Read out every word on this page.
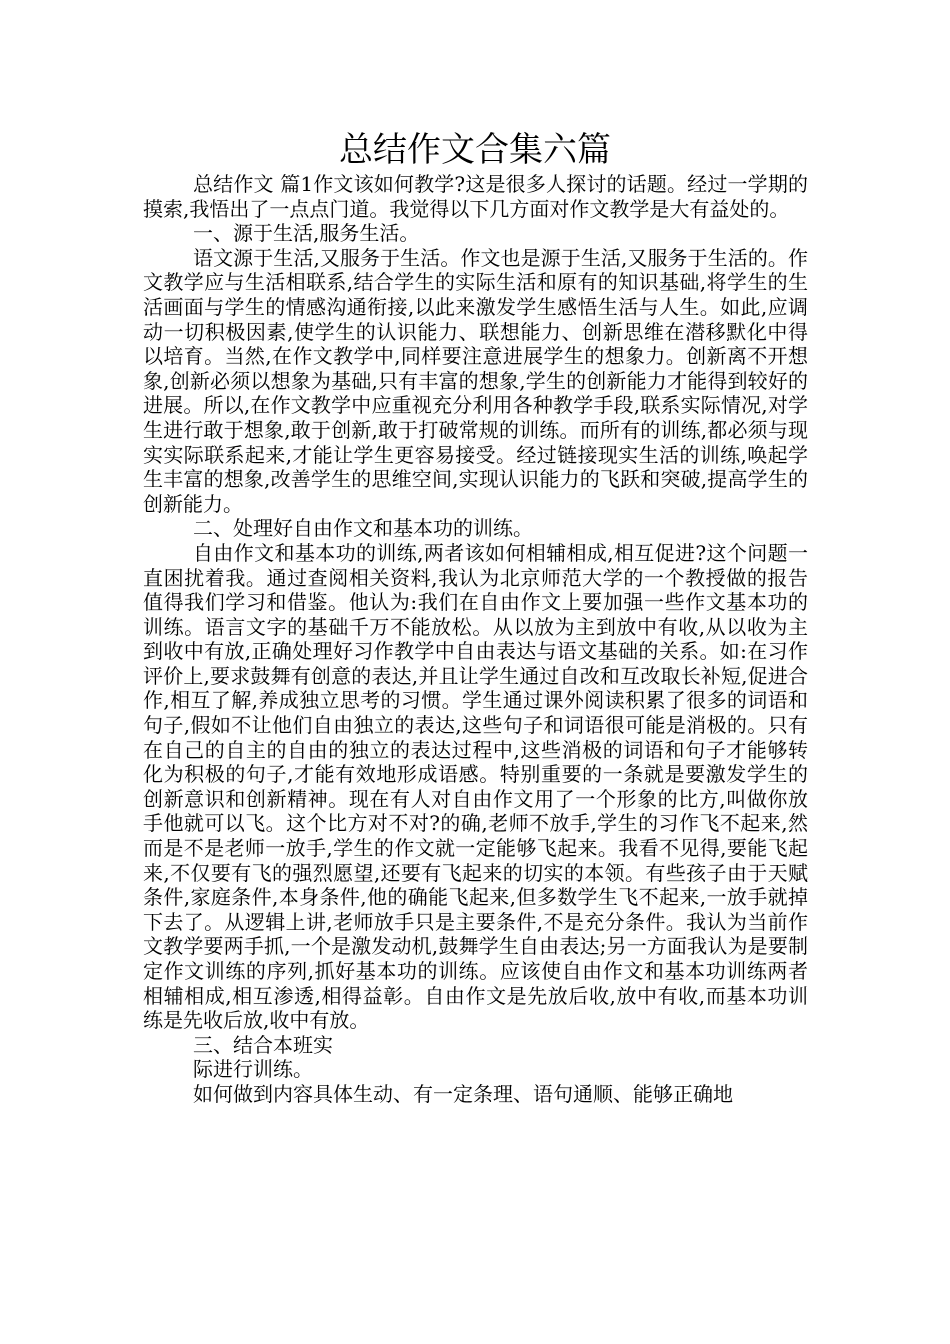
总结作文合集六篇

总结作文 篇1作文该如何教学?这是很多人探讨的话题。经过一学期的摸索,我悟出了一点点门道。我觉得以下几方面对作文教学是大有益处的。

一、源于生活,服务生活。

语文源于生活,又服务于生活。作文也是源于生活,又服务于生活的。作文教学应与生活相联系,结合学生的实际生活和原有的知识基础,将学生的生活画面与学生的情感沟通衔接,以此来激发学生感悟生活与人生。如此,应调动一切积极因素,使学生的认识能力、联想能力、创新思维在潜移默化中得以培育。当然,在作文教学中,同样要注意进展学生的想象力。创新离不开想象,创新必须以想象为基础,只有丰富的想象,学生的创新能力才能得到较好的进展。所以,在作文教学中应重视充分利用各种教学手段,联系实际情况,对学生进行敢于想象,敢于创新,敢于打破常规的训练。而所有的训练,都必须与现实实际联系起来,才能让学生更容易接受。经过链接现实生活的训练,唤起学生丰富的想象,改善学生的思维空间,实现认识能力的飞跃和突破,提高学生的创新能力。

二、处理好自由作文和基本功的训练。

自由作文和基本功的训练,两者该如何相辅相成,相互促进?这个问题一直困扰着我。通过查阅相关资料,我认为北京师范大学的一个教授做的报告值得我们学习和借鉴。他认为:我们在自由作文上要加强一些作文基本功的训练。语言文字的基础千万不能放松。从以放为主到放中有收,从以收为主到收中有放,正确处理好习作教学中自由表达与语文基础的关系。如:在习作评价上,要求鼓舞有创意的表达,并且让学生通过自改和互改取长补短,促进合作,相互了解,养成独立思考的习惯。学生通过课外阅读积累了很多的词语和句子,假如不让他们自由独立的表达,这些句子和词语很可能是消极的。只有在自己的自主的自由的独立的表达过程中,这些消极的词语和句子才能够转化为积极的句子,才能有效地形成语感。特别重要的一条就是要激发学生的创新意识和创新精神。现在有人对自由作文用了一个形象的比方,叫做你放手他就可以飞。这个比方对不对?的确,老师不放手,学生的习作飞不起来,然而是不是老师一放手,学生的作文就一定能够飞起来。我看不见得,要能飞起来,不仅要有飞的强烈愿望,还要有飞起来的切实的本领。有些孩子由于天赋条件,家庭条件,本身条件,他的确能飞起来,但多数学生飞不起来,一放手就掉下去了。从逻辑上讲,老师放手只是主要条件,不是充分条件。我认为当前作文教学要两手抓,一个是激发动机,鼓舞学生自由表达;另一方面我认为是要制定作文训练的序列,抓好基本功的训练。应该使自由作文和基本功训练两者相辅相成,相互渗透,相得益彰。自由作文是先放后收,放中有收,而基本功训练是先收后放,收中有放。

三、结合本班实

际进行训练。

如何做到内容具体生动、有一定条理、语句通顺、能够正确地
